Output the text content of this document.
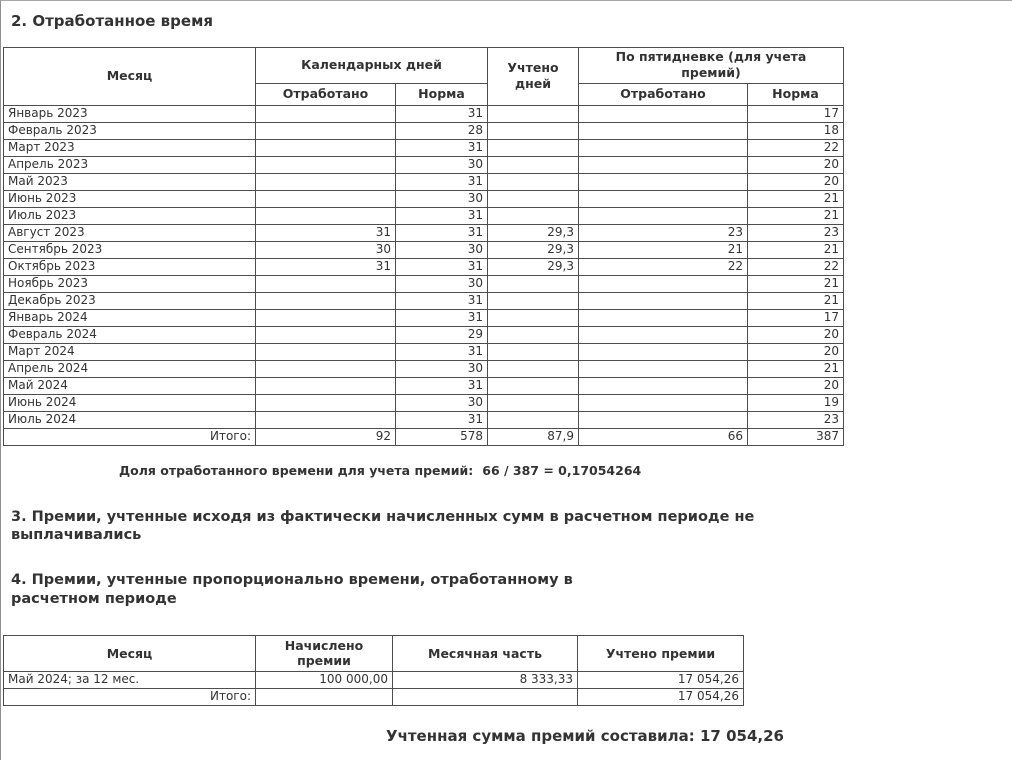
2. Отработанное время
Месяц	Календарных дней		Учтено дней	По пятидневке (для учета премий)	
	Отработано	Норма		Отработано	Норма
Январь 2023		31			17
Февраль 2023		28			18
Март 2023		31			22
Апрель 2023		30			20
Май 2023		31			20
Июнь 2023		30			21
Июль 2023		31			21
Август 2023	31	31	29,3	23	23
Сентябрь 2023	30	30	29,3	21	21
Октябрь 2023	31	31	29,3	22	22
Ноябрь 2023		30			21
Декабрь 2023		31			21
Январь 2024		31			17
Февраль 2024		29			20
Март 2024		31			20
Апрель 2024		30			21
Май 2024		31			20
Июнь 2024		30			19
Июль 2024		31			23
Итого:	92	578	87,9	66	387

Доля отработанного времени для учета премий: 66 / 387 = 0,17054264

3. Премии, учтенные исходя из фактически начисленных сумм в расчетном периоде не выплачивались
4. Премии, учтенные пропорционально времени, отработанному в расчетном периоде
Месяц	Начислено премии	Месячная часть	Учтено премии
Май 2024; за 12 мес.	100 000,00	8 333,33	17 054,26
Итого:			17 054,26

Учтенная сумма премий составила: 17 054,26
